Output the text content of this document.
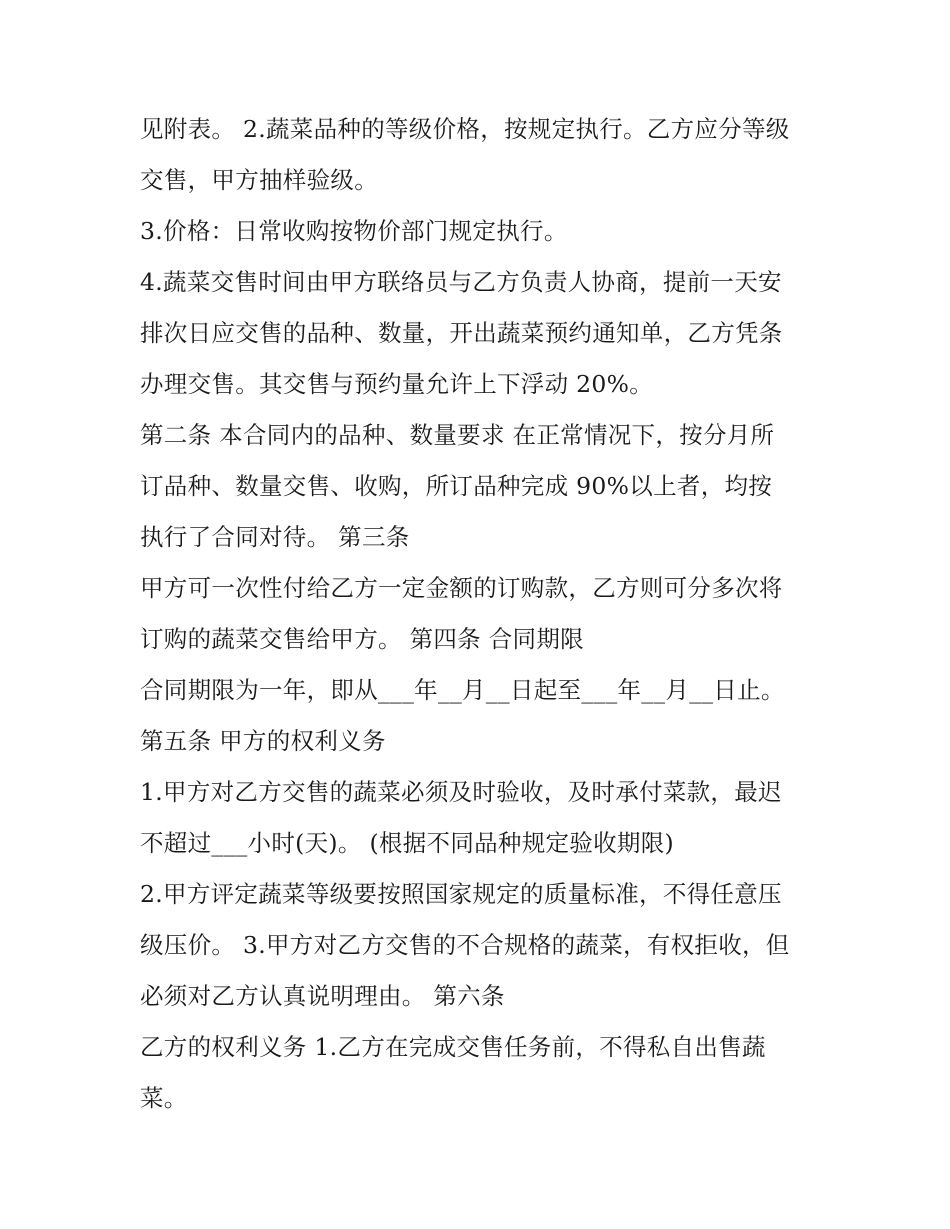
见附表。 2.蔬菜品种的等级价格，按规定执行。乙方应分等级
交售，甲方抽样验级。
3.价格：日常收购按物价部门规定执行。
4.蔬菜交售时间由甲方联络员与乙方负责人协商，提前一天安
排次日应交售的品种、数量，开出蔬菜预约通知单，乙方凭条
办理交售。其交售与预约量允许上下浮动 20%。
第二条 本合同内的品种、数量要求 在正常情况下，按分月所
订品种、数量交售、收购，所订品种完成 90%以上者，均按
执行了合同对待。 第三条
甲方可一次性付给乙方一定金额的订购款，乙方则可分多次将
订购的蔬菜交售给甲方。 第四条 合同期限
合同期限为一年，即从___年__月__日起至___年__月__日止。
第五条 甲方的权利义务
1.甲方对乙方交售的蔬菜必须及时验收，及时承付菜款，最迟
不超过___小时(天)。 (根据不同品种规定验收期限)
2.甲方评定蔬菜等级要按照国家规定的质量标准，不得任意压
级压价。 3.甲方对乙方交售的不合规格的蔬菜，有权拒收，但
必须对乙方认真说明理由。 第六条
乙方的权利义务 1.乙方在完成交售任务前，不得私自出售蔬
菜。
